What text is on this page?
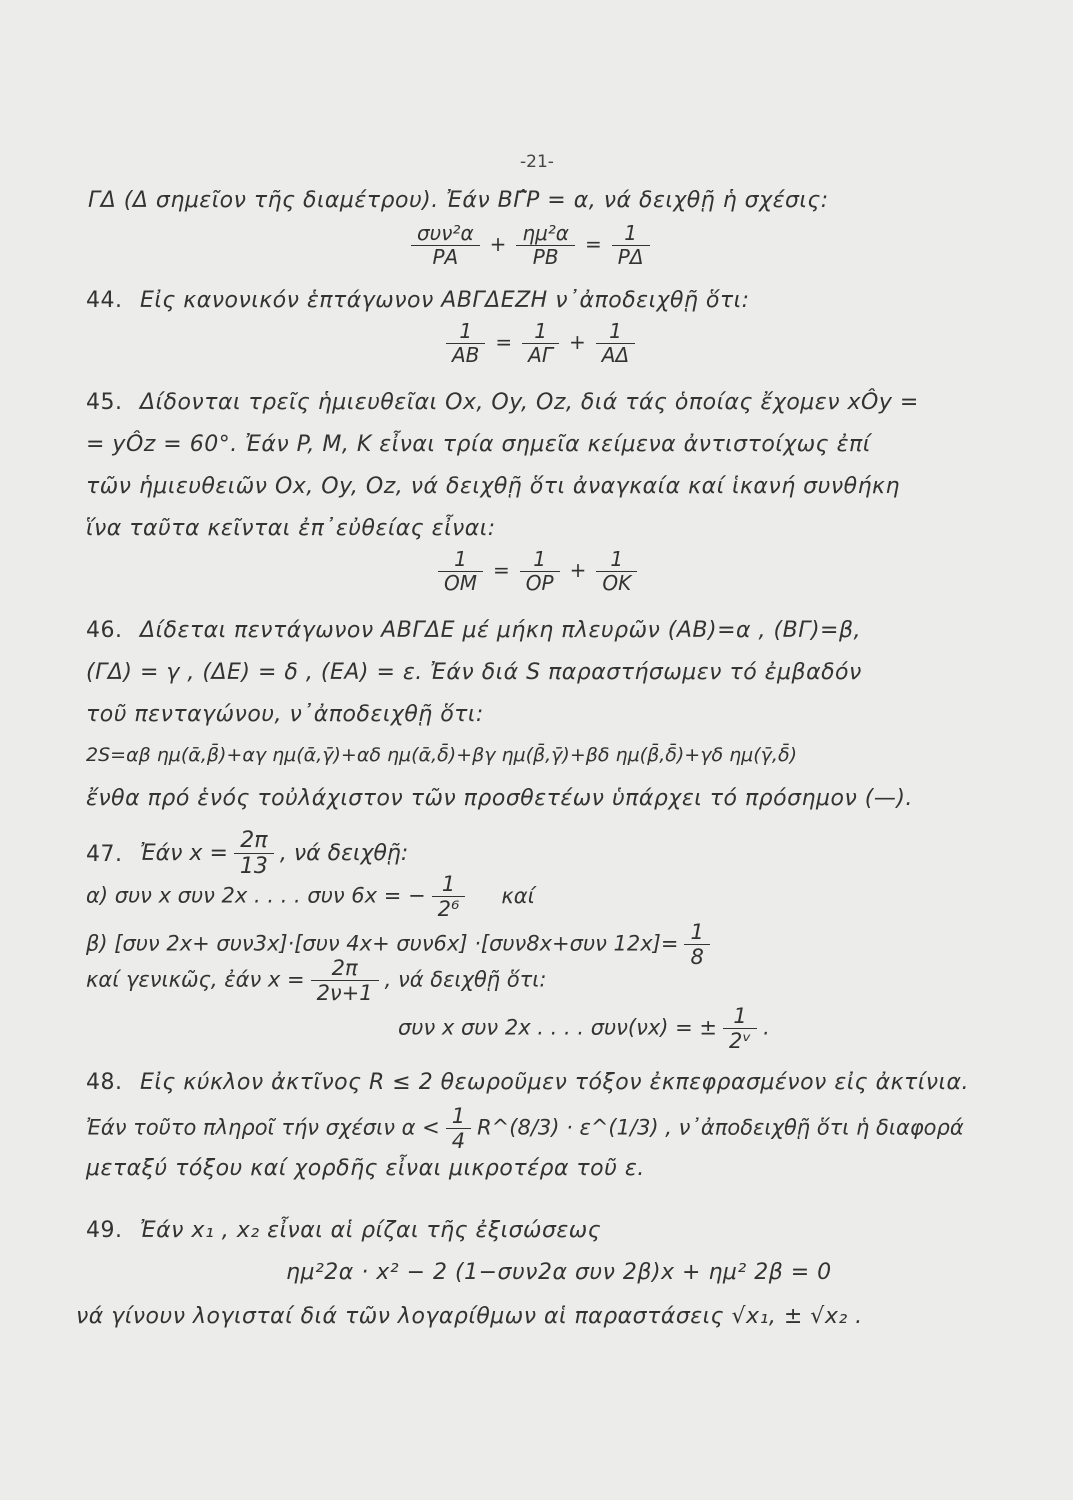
-21-
ΓΔ (Δ σημεῖον τῆς διαμέτρου). Ἐάν ΒΓ̂Ρ = α, νά δειχθῇ ἡ σχέσις:
$\frac{\text{συν²α}}{PA} + \frac{\text{ημ²α}}{PB} = \frac{1}{P\Delta}$
44. Εἰς κανονικόν ἑπτάγωνον ΑΒΓΔΕΖΗ ν᾽ἀποδειχθῇ ὅτι:
$\frac{1}{AB} = \frac{1}{A\Gamma} + \frac{1}{A\Delta}$
45. Δίδονται τρεῖς ἡμιευθεῖαι Οx, Οy, Οz, διά τάς ὁποίας ἔχομεν xÔy =
= yÔz = 60°. Ἐάν P, M, K εἶναι τρία σημεῖα κείμενα ἀντιστοίχως ἐπί
τῶν ἡμιευθειῶν Οx, Οy, Οz, νά δειχθῇ ὅτι ἀναγκαία καί ἱκανή συνθήκη
ἵνα ταῦτα κεῖνται ἐπ᾽εὐθείας εἶναι:
$\frac{1}{OM} = \frac{1}{OP} + \frac{1}{OK}$
46. Δίδεται πεντάγωνον ΑΒΓΔΕ μέ μήκη πλευρῶν (ΑΒ)=α , (ΒΓ)=β,
(ΓΔ) = γ , (ΔΕ) = δ , (ΕΑ) = ε. Ἐάν διά S παραστήσωμεν τό ἐμβαδόν
τοῦ πενταγώνου, ν᾽ἀποδειχθῇ ὅτι:
2S=αβ ημ(ᾱ,β̄)+αγ ημ(ᾱ,γ̄)+αδ ημ(ᾱ,δ̄)+βγ ημ(β̄,γ̄)+βδ ημ(β̄,δ̄)+γδ ημ(γ̄,δ̄)
ἔνθα πρό ἑνός τοὐλάχιστον τῶν προσθετέων ὑπάρχει τό πρόσημον (—).
47. Ἐάν $x = \frac{2\pi}{13}$ , νά δειχθῇ:
α) συν x συν 2x . . . . συν 6x = − $\frac{1}{\text{2⁶}}$ καί
β) [συν 2x+ συν3x]·[συν 4x+ συν6x] ·[συν8x+συν $12x]= \frac{1}{8}$
καί γενικῶς, ἐάν $x = \frac{2\pi}{2\nu+1}$ , νά δειχθῇ ὅτι:
συν x συν 2x . . . . συν(νx) = ± $\frac{1}{\text{2ᵛ}}$ .
48. Εἰς κύκλον ἀκτῖνος R ≤ 2 θεωροῦμεν τόξον ἐκπεφρασμένον εἰς ἀκτίνια.
Ἐάν τοῦτο πληροῖ τήν σχέσιν $\alpha < \frac{1}{4}$ R^(8/3) · ε^(1/3) , ν᾽ἀποδειχθῇ ὅτι ἡ διαφορά
μεταξύ τόξου καί χορδῆς εἶναι μικροτέρα τοῦ ε.
49. Ἐάν x₁ , x₂ εἶναι αἱ ρίζαι τῆς ἐξισώσεως
ημ²2α · x² − 2 (1−συν2α συν 2β)x + ημ² 2β = 0
νά γίνουν λογισταί διά τῶν λογαρίθμων αἱ παραστάσεις √x₁, ± √x₂ .
